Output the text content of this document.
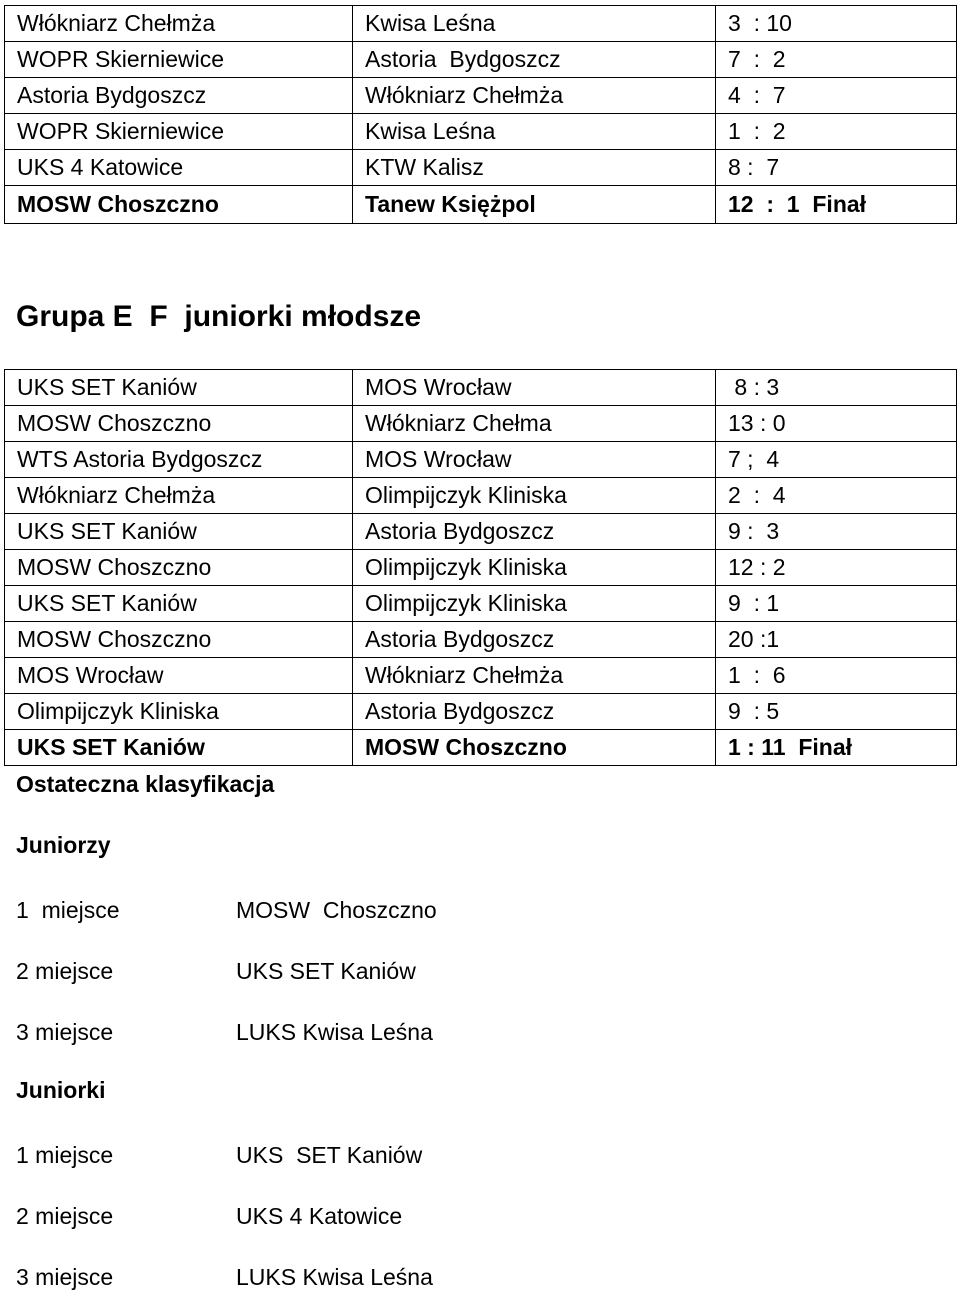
Włókniarz Chełmża	Kwisa Leśna	3  : 10
WOPR Skierniewice	Astoria  Bydgoszcz	7  :  2
Astoria Bydgoszcz	Włókniarz Chełmża	4  :  7
WOPR Skierniewice	Kwisa Leśna	1  :  2
UKS 4 Katowice	KTW Kalisz	8 :  7
MOSW Choszczno	Tanew Księżpol	12  :  1  Finał
Grupa E  F  juniorki młodsze
UKS SET Kaniów	MOS Wrocław	8 : 3
MOSW Choszczno	Włókniarz Chełma	13 : 0
WTS Astoria Bydgoszcz	MOS Wrocław	7 ;  4
Włókniarz Chełmża	Olimpijczyk Kliniska	2  :  4
UKS SET Kaniów	Astoria Bydgoszcz	9 :  3
MOSW Choszczno	Olimpijczyk Kliniska	12 : 2
UKS SET Kaniów	Olimpijczyk Kliniska	9  : 1
MOSW Choszczno	Astoria Bydgoszcz	20 :1
MOS Wrocław	Włókniarz Chełmża	1  :  6
Olimpijczyk Kliniska	Astoria Bydgoszcz	9  : 5
UKS SET Kaniów	MOSW Choszczno	1 : 11  Finał
Ostateczna klasyfikacja
Juniorzy
1  miejsce	MOSW  Choszczno
2 miejsce	UKS SET Kaniów
3 miejsce	LUKS Kwisa Leśna
Juniorki
1 miejsce	UKS  SET Kaniów
2 miejsce	UKS 4 Katowice
3 miejsce	LUKS Kwisa Leśna
